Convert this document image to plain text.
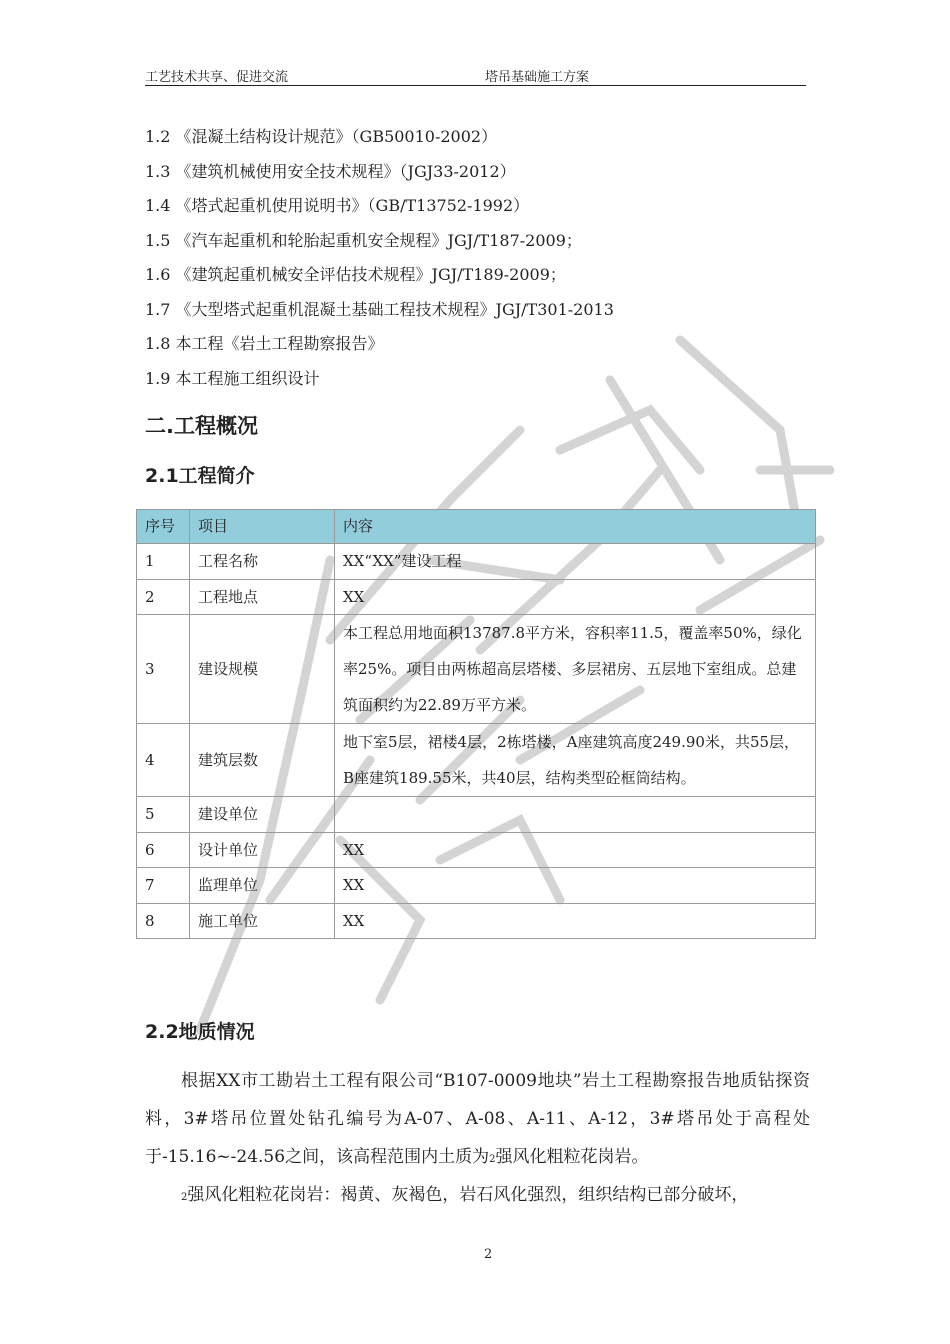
工艺技术共享、促进交流	塔吊基础施工方案
1.2 《混凝土结构设计规范》（GB50010-2002）
1.3 《建筑机械使用安全技术规程》（JGJ33-2012）
1.4 《塔式起重机使用说明书》（GB/T13752-1992）
1.5 《汽车起重机和轮胎起重机安全规程》JGJ/T187-2009；
1.6 《建筑起重机械安全评估技术规程》JGJ/T189-2009；
1.7 《大型塔式起重机混凝土基础工程技术规程》JGJ/T301-2013
1.8 本工程《岩土工程勘察报告》
1.9 本工程施工组织设计
二.工程概况
2.1工程简介
序号	项目	内容
1	工程名称	XX“XX”建设工程
2	工程地点	XX
3	建设规模	本工程总用地面积13787.8平方米，容积率11.5，覆盖率50%，绿化率25%。项目由两栋超高层塔楼、多层裙房、五层地下室组成。总建筑面积约为22.89万平方米。
4	建筑层数	地下室5层，裙楼4层，2栋塔楼，A座建筑高度249.90米，共55层，B座建筑189.55米，共40层，结构类型砼框筒结构。
5	建设单位	
6	设计单位	XX
7	监理单位	XX
8	施工单位	XX
2.2地质情况
根据XX市工勘岩土工程有限公司“B107-0009地块”岩土工程勘察报告地质钻探资料，3#塔吊位置处钻孔编号为A-07、A-08、A-11、A-12，3#塔吊处于高程处于-15.16~-24.56之间，该高程范围内土质为2强风化粗粒花岗岩。
2强风化粗粒花岗岩：褐黄、灰褐色，岩石风化强烈，组织结构已部分破坏，
2
